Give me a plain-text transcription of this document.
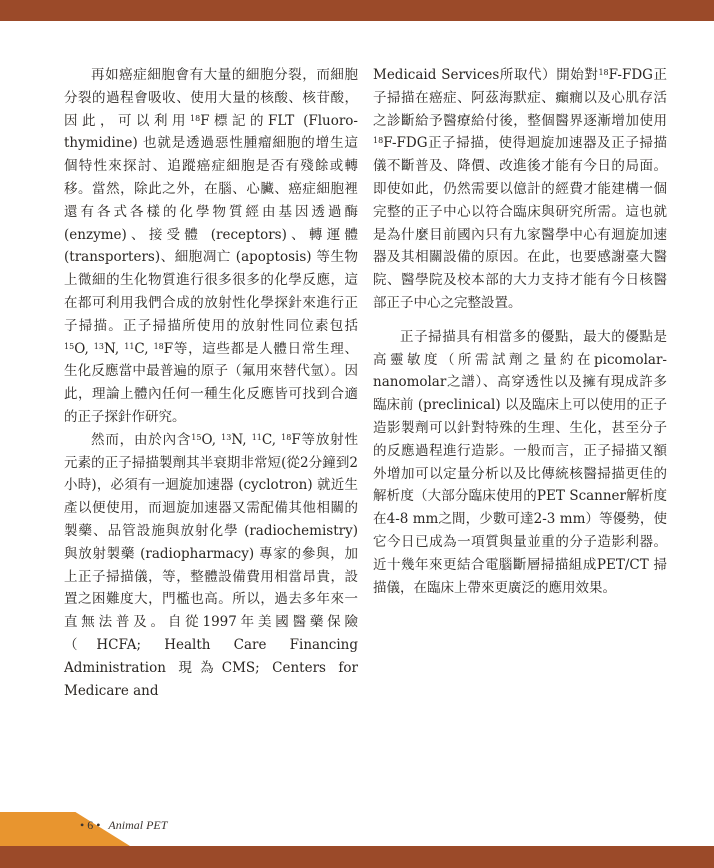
再如癌症細胞會有大量的細胞分裂，而細胞分裂的過程會吸收、使用大量的核酸、核苷酸，因此，可以利用$^{18}$F標記的FLT (Fluoro-thymidine) 也就是透過惡性腫瘤細胞的增生這個特性來探討、追蹤癌症細胞是否有殘餘或轉移。當然，除此之外，在腦、心臟、癌症細胞裡還有各式各樣的化學物質經由基因透過酶 (enzyme)、接受體 (receptors)、轉運體 (transporters)、細胞凋亡 (apoptosis) 等生物上微細的生化物質進行很多很多的化學反應，這在都可利用我們合成的放射性化學探針來進行正子掃描。正子掃描所使用的放射性同位素包括$^{15}$O, $^{13}$N, $^{11}$C, $^{18}$F等，這些都是人體日常生理、生化反應當中最普遍的原子（氟用來替代氫）。因此，理論上體內任何一種生化反應皆可找到合適的正子探針作研究。

然而，由於內含$^{15}$O, $^{13}$N, $^{11}$C, $^{18}$F等放射性元素的正子掃描製劑其半衰期非常短(從2分鐘到2小時)，必須有一迴旋加速器 (cyclotron) 就近生產以便使用，而迴旋加速器又需配備其他相關的製藥、品管設施與放射化學 (radiochemistry) 與放射製藥 (radiopharmacy) 專家的參與，加上正子掃描儀，等，整體設備費用相當昂貴，設置之困難度大，門檻也高。所以，過去多年來一直無法普及。自從1997年美國醫藥保險（HCFA; Health Care Financing Administration 現為CMS; Centers for Medicare and

Medicaid Services所取代）開始對$^{18}$F-FDG正子掃描在癌症、阿茲海默症、癲癇以及心肌存活之診斷給予醫療給付後，整個醫界逐漸增加使用$^{18}$F-FDG正子掃描，使得迴旋加速器及正子掃描儀不斷普及、降價、改進後才能有今日的局面。即使如此，仍然需要以億計的經費才能建構一個完整的正子中心以符合臨床與研究所需。這也就是為什麼目前國內只有九家醫學中心有迴旋加速器及其相關設備的原因。在此，也要感謝臺大醫院、醫學院及校本部的大力支持才能有今日核醫部正子中心之完整設置。

正子掃描具有相當多的優點，最大的優點是高靈敏度（所需試劑之量約在picomolar-nanomolar之譜）、高穿透性以及擁有現成許多臨床前 (preclinical) 以及臨床上可以使用的正子造影製劑可以針對特殊的生理、生化，甚至分子的反應過程進行造影。一般而言，正子掃描又額外增加可以定量分析以及比傳統核醫掃描更佳的解析度（大部分臨床使用的PET Scanner解析度在4-8 mm之間，少數可達2-3 mm）等優勢，使它今日已成為一項質與量並重的分子造影利器。近十幾年來更結合電腦斷層掃描組成PET/CT 掃描儀，在臨床上帶來更廣泛的應用效果。

• 6 • Animal PET
